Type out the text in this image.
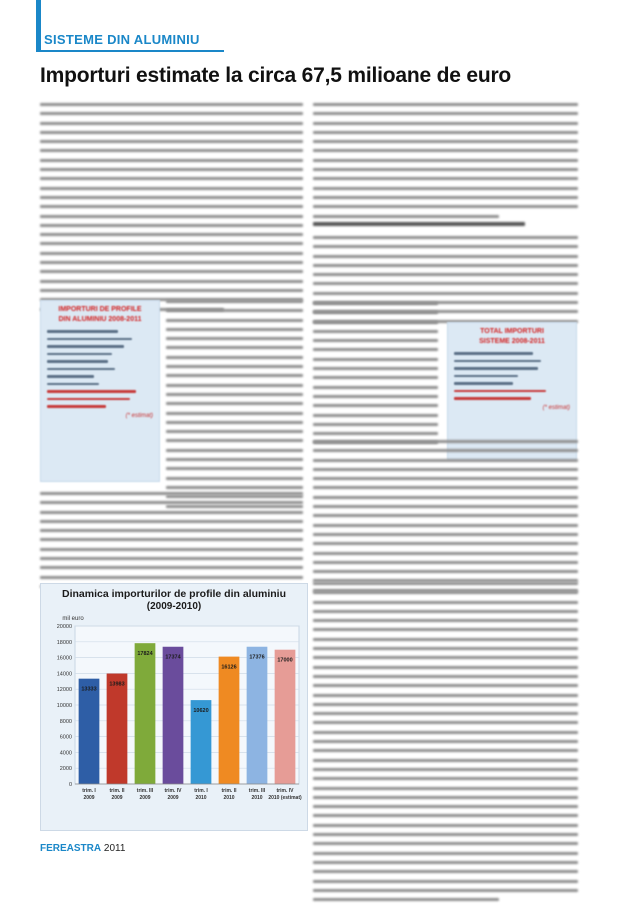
SISTEME DIN ALUMINIU
Importuri estimate la circa 67,5 milioane de euro
IMPORTURI DE PROFILE
DIN ALUMINIU 2008-2011
(* estimat)
TOTAL IMPORTURI
SISTEME 2008-2011
(* estimat)
Dinamica importurilor de profile din aluminiu
(2009-2010)
mil euro
0
2000
4000
6000
8000
10000
12000
14000
16000
18000
20000
13333
trim. I
2009
13983
trim. II
2009
17824
trim. III
2009
17374
trim. IV
2009
10620
trim. I
2010
16126
trim. II
2010
17376
trim. III
2010
17000
trim. IV
2010 (estimat)
FEREASTRA 2011
